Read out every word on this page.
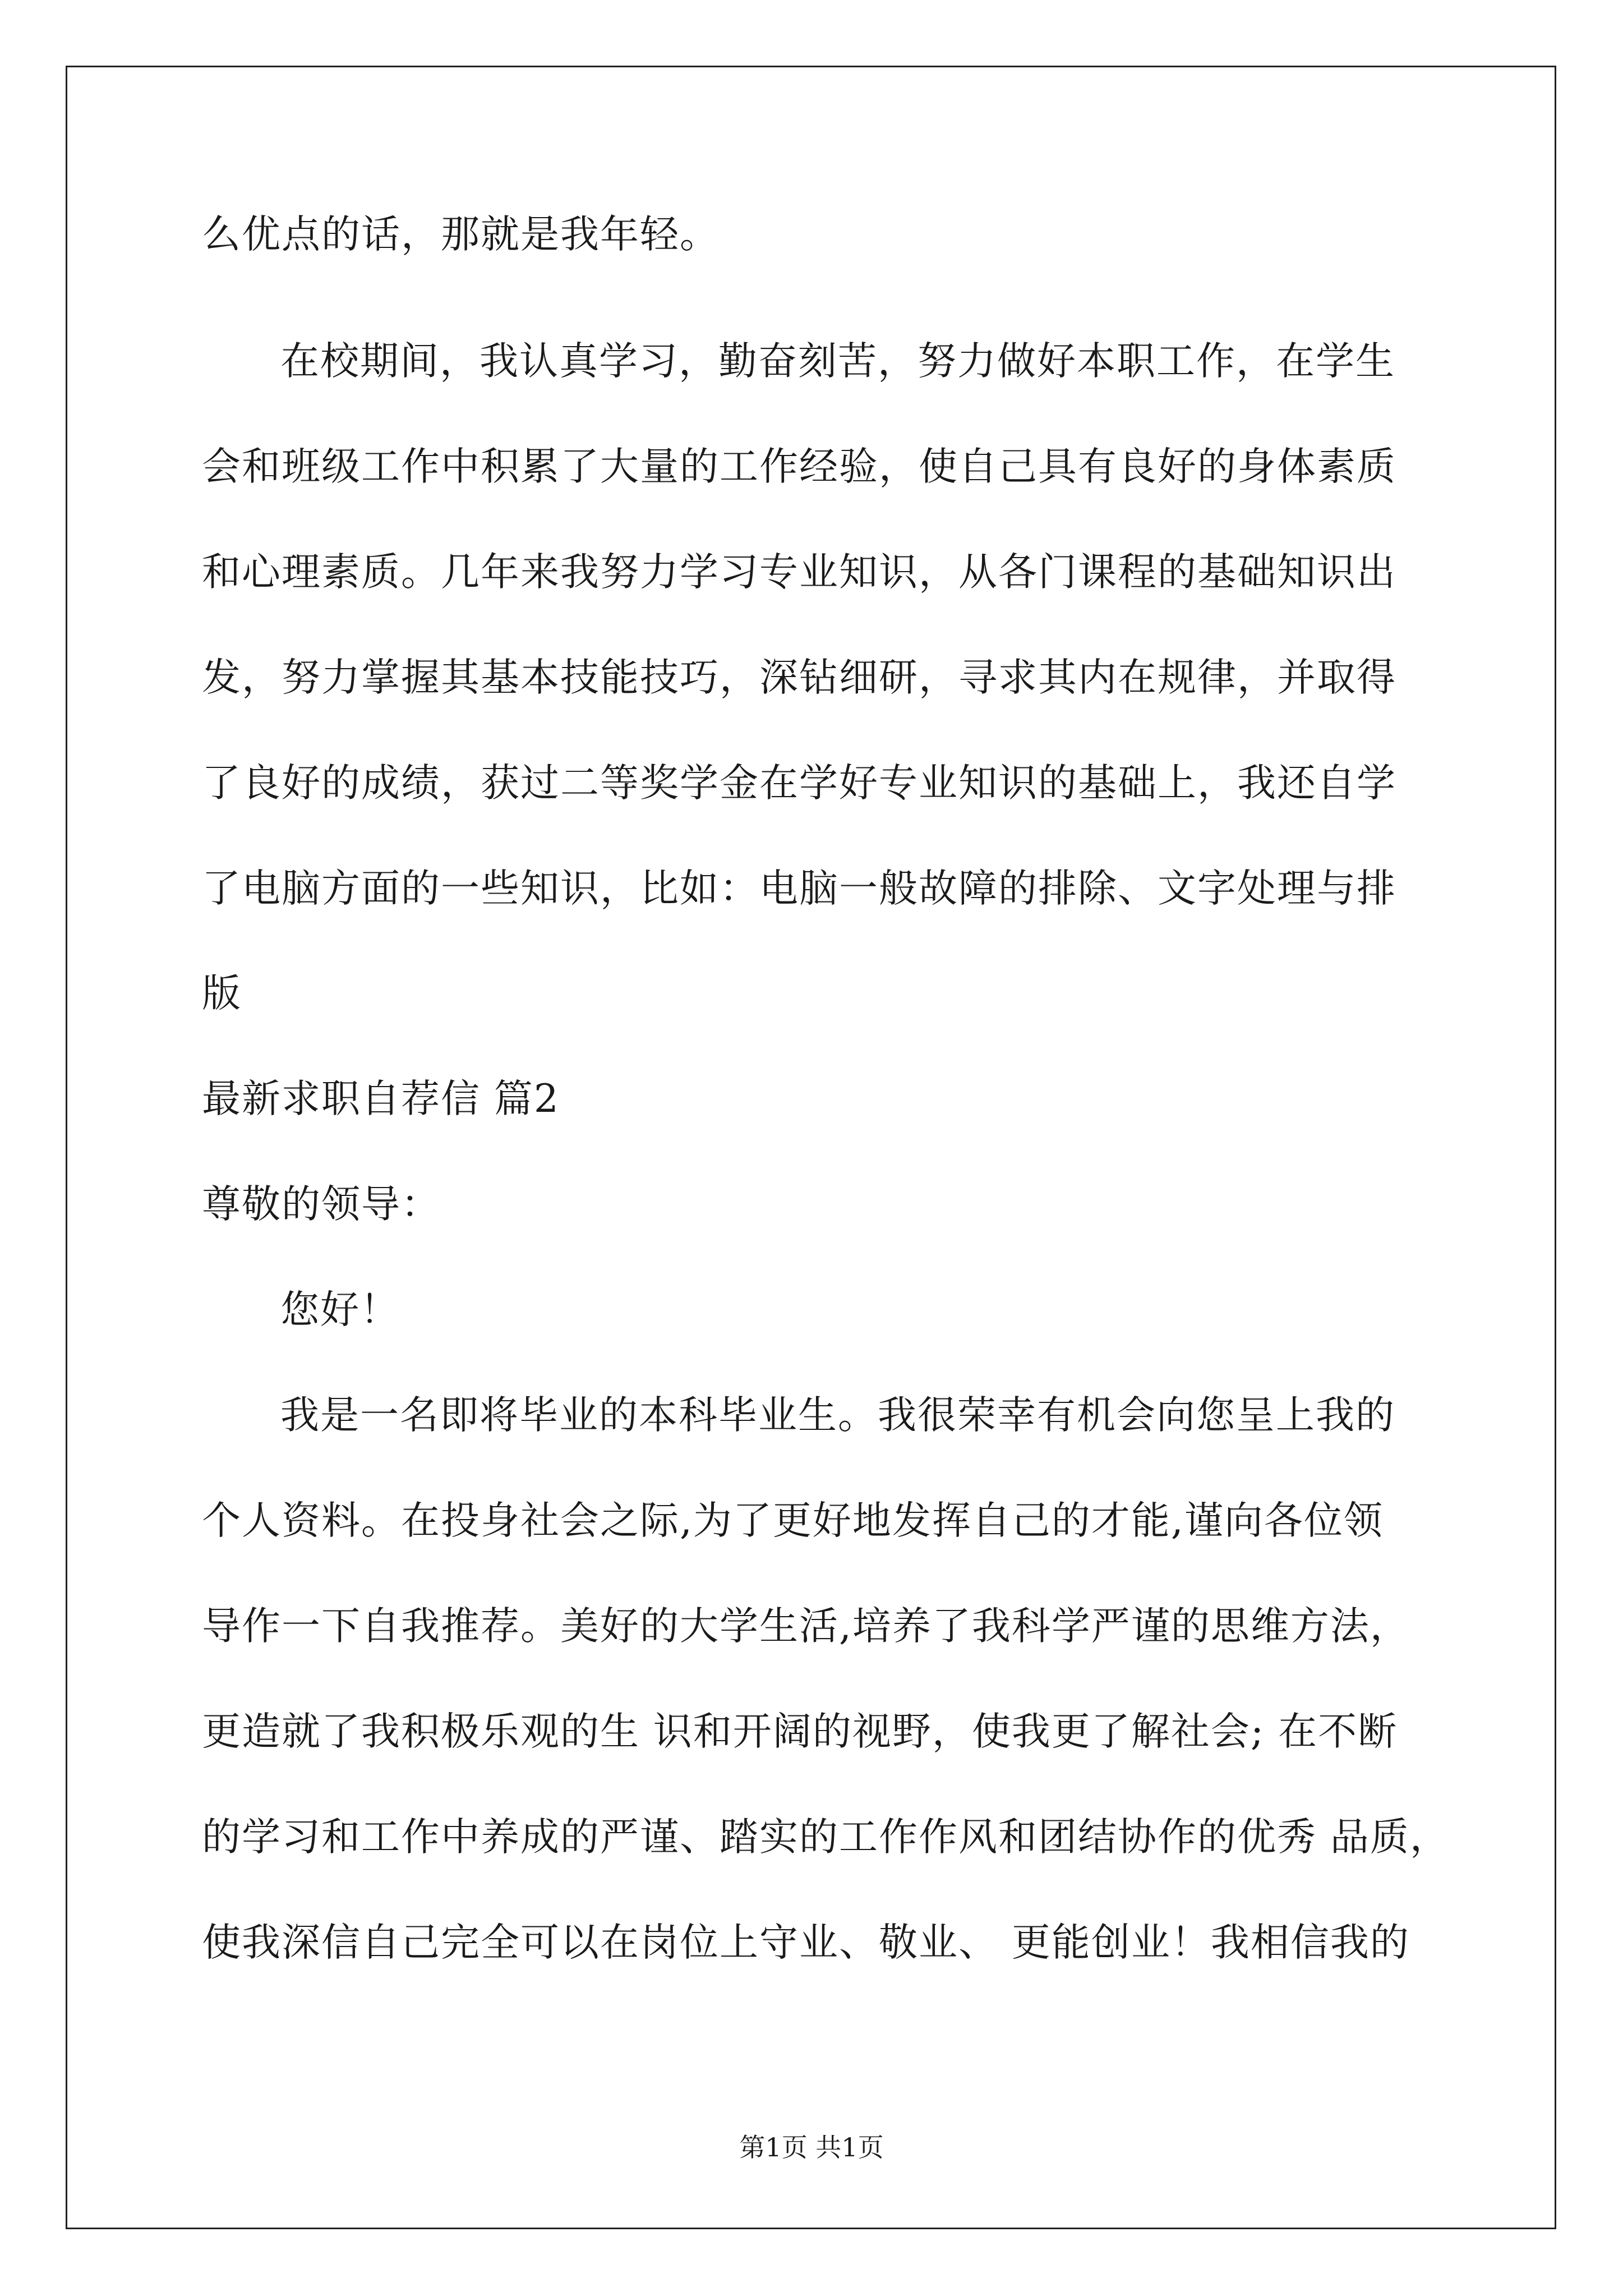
么优点的话，那就是我年轻。
在校期间，我认真学习，勤奋刻苦，努力做好本职工作，在学生
会和班级工作中积累了大量的工作经验，使自己具有良好的身体素质
和心理素质。几年来我努力学习专业知识，从各门课程的基础知识出
发，努力掌握其基本技能技巧，深钻细研，寻求其内在规律，并取得
了良好的成绩，获过二等奖学金在学好专业知识的基础上，我还自学
了电脑方面的一些知识，比如：电脑一般故障的排除、文字处理与排
版
最新求职自荐信 篇2
尊敬的领导：
您好！
我是一名即将毕业的本科毕业生。我很荣幸有机会向您呈上我的
个人资料。在投身社会之际,为了更好地发挥自己的才能,谨向各位领
导作一下自我推荐。美好的大学生活,培养了我科学严谨的思维方法，
更造就了我积极乐观的生 识和开阔的视野，使我更了解社会; 在不断
的学习和工作中养成的严谨、踏实的工作作风和团结协作的优秀 品质，
使我深信自己完全可以在岗位上守业、敬业、 更能创业！我相信我的
第1页 共1页
